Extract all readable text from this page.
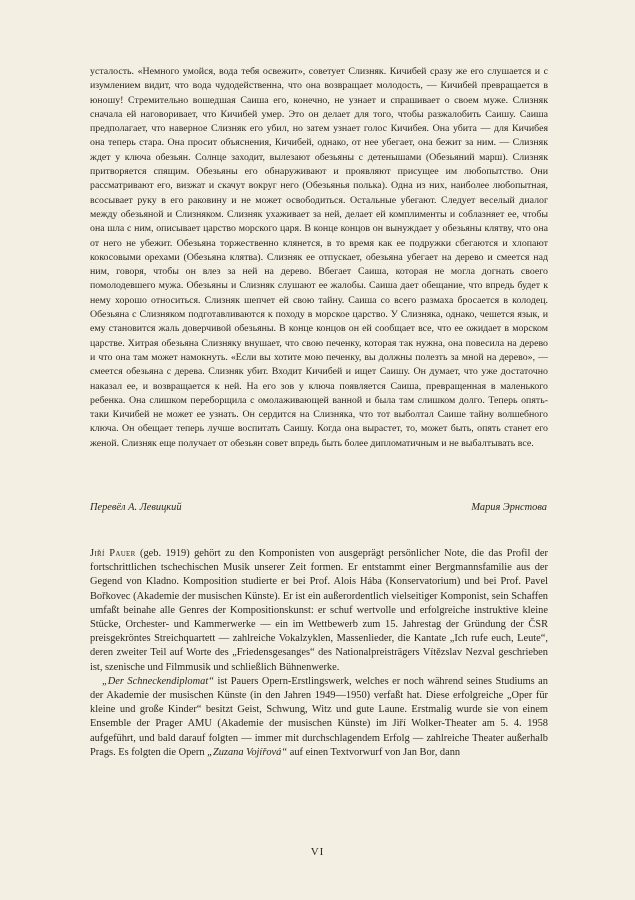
усталость. «Немного умойся, вода тебя освежит», советует Слизняк. Кичибей сразу же его слушается и с изумлением видит, что вода чудодейственна, что она возвращает молодость, — Кичибей превращается в юношу! Стремительно вошедшая Саиша его, конечно, не узнает и спрашивает о своем муже. Слизняк сначала ей наговоривает, что Кичибей умер. Это он делает для того, чтобы разжалобить Саишу. Саиша предполагает, что наверное Слизняк его убил, но затем узнает голос Кичибея. Она убита — для Кичибея она теперь стара. Она просит объяснения, Кичибей, однако, от нее убегает, она бежит за ним. — Слизняк ждет у ключа обезьян. Солнце заходит, вылезают обезьяны с детенышами (Обезьяний марш). Слизняк притворяется спящим. Обезьяны его обнаруживают и проявляют присущее им любопытство. Они рассматривают его, визжат и скачут вокруг него (Обезьянья полька). Одна из них, наиболее любопытная, всосывает руку в его раковину и не может освободиться. Остальные убегают. Следует веселый диалог между обезьяной и Слизняком. Слизняк ухаживает за ней, делает ей комплименты и соблазняет ее, чтобы она шла с ним, описывает царство морского царя. В конце концов он вынуждает у обезьяны клятву, что она от него не убежит. Обезьяна торжественно клянется, в то время как ее подружки сбегаются и хлопают кокосовыми орехами (Обезьяна клятва). Слизняк ее отпускает, обезьяна убегает на дерево и смеется над ним, говоря, чтобы он влез за ней на дерево. Вбегает Саиша, которая не могла догнать своего помолодевшего мужа. Обезьяны и Слизняк слушают ее жалобы. Саиша дает обещание, что впредь будет к нему хорошо относиться. Слизняк шепчет ей свою тайну. Саиша со всего размаха бросается в колодец. Обезьяна с Слизняком подготавливаются к походу в морское царство. У Слизняка, однако, чешется язык, и ему становится жаль доверчивой обезьяны. В конце концов он ей сообщает все, что ее ожидает в морском царстве. Хитрая обезьяна Слизняку внушает, что свою печенку, которая так нужна, она повесила на дерево и что она там может намокнуть. «Если вы хотите мою печенку, вы должны полезть за мной на дерево», — смеется обезьяна с дерева. Слизняк убит. Входит Кичибей и ищет Саишу. Он думает, что уже достаточно наказал ее, и возвращается к ней. На его зов у ключа появляется Саиша, превращенная в маленького ребенка. Она слишком переборщила с омолаживающей ванной и была там слишком долго. Теперь опять-таки Кичибей не может ее узнать. Он сердится на Слизняка, что тот выболтал Саише тайну волшебного ключа. Он обещает теперь лучше воспитать Саишу. Когда она вырастет, то, может быть, опять станет его женой. Слизняк еще получает от обезьян совет впредь быть более дипломатичным и не выбалтывать все.
Перевёл А. Левицкий	Мария Эрнстова

Jiří Pauer (geb. 1919) gehört zu den Komponisten von ausgeprägt persönlicher Note, die das Profil der fortschrittlichen tschechischen Musik unserer Zeit formen. Er entstammt einer Bergmannsfamilie aus der Gegend von Kladno. Komposition studierte er bei Prof. Alois Hába (Konservatorium) und bei Prof. Pavel Bořkovec (Akademie der musischen Künste). Er ist ein außerordentlich vielseitiger Komponist, sein Schaffen umfaßt beinahe alle Genres der Kompositionskunst: er schuf wertvolle und erfolgreiche instruktive kleine Stücke, Orchester- und Kammerwerke — ein im Wettbewerb zum 15. Jahrestag der Gründung der ČSR preisgekröntes Streichquartett — zahlreiche Vokalzyklen, Massenlieder, die Kantate „Ich rufe euch, Leute“, deren zweiter Teil auf Worte des „Friedensgesanges“ des Nationalpreisträgers Vítězslav Nezval geschrieben ist, szenische und Filmmusik und schließlich Bühnenwerke.

„Der Schneckendiplomat“ ist Pauers Opern-Erstlingswerk, welches er noch während seines Studiums an der Akademie der musischen Künste (in den Jahren 1949—1950) verfaßt hat. Diese erfolgreiche „Oper für kleine und große Kinder“ besitzt Geist, Schwung, Witz und gute Laune. Erstmalig wurde sie von einem Ensemble der Prager AMU (Akademie der musischen Künste) im Jiří Wolker-Theater am 5. 4. 1958 aufgeführt, und bald darauf folgten — immer mit durchschlagendem Erfolg — zahlreiche Theater außerhalb Prags. Es folgten die Opern „Zuzana Vojířová“ auf einen Textvorwurf von Jan Bor, dann

VI
